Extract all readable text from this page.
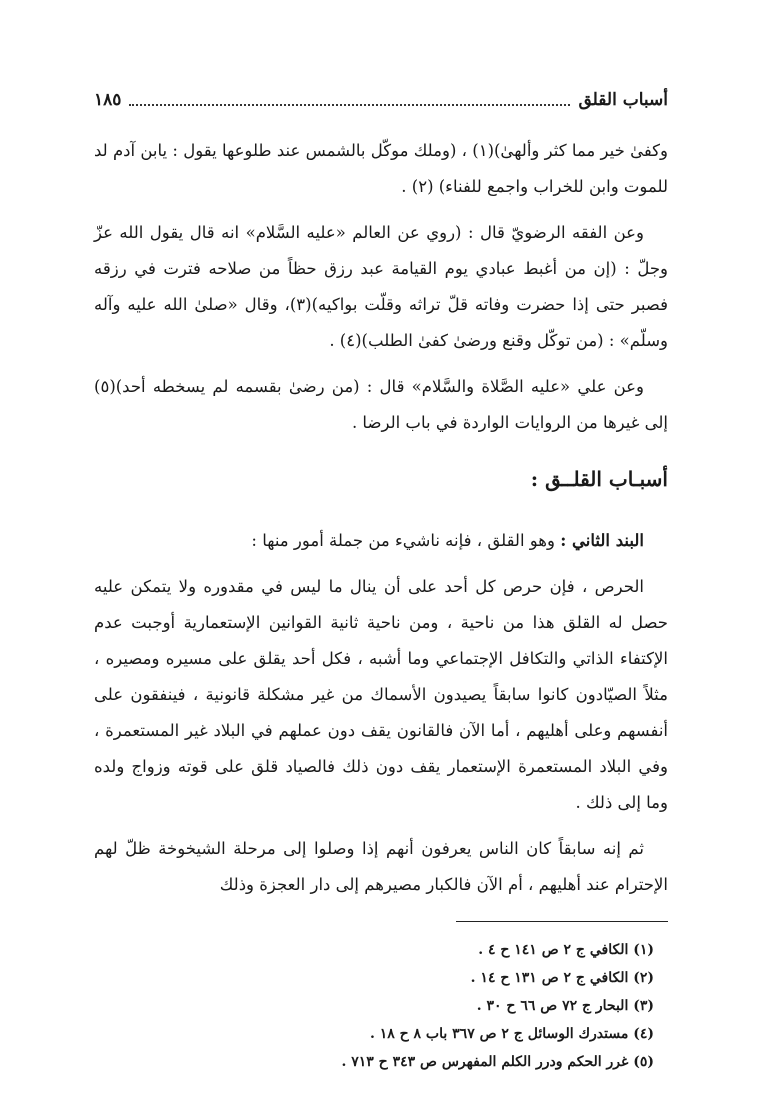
أسباب القلق
١٨٥

وكفىٰ خير مما كثر وألهىٰ)(١) ، (وملك موكّل بالشمس عند طلوعها يقول : يابن آدم لد للموت وابن للخراب واجمع للفناء) (٢) .

وعن الفقه الرضويّ قال : (روي عن العالم «عليه السَّلام» انه قال يقول الله عزّ وجلّ : (إن من أغبط عبادي يوم القيامة عبد رزق حظاً من صلاحه فترت في رزقه فصبر حتى إذا حضرت وفاته قلّ تراثه وقلّت بواكيه)(٣)، وقال «صلىٰ الله عليه وآله وسلّم» : (من توكّل وقنع ورضىٰ كفىٰ الطلب)(٤) .

وعن علي «عليه الصَّلاة والسَّلام» قال : (من رضىٰ بقسمه لم يسخطه أحد)(٥) إلى غيرها من الروايات الواردة في باب الرضا .

أسبـاب القلــق :

البند الثاني : وهو القلق ، فإنه ناشيء من جملة أمور منها :

الحرص ، فإن حرص كل أحد على أن ينال ما ليس في مقدوره ولا يتمكن عليه حصل له القلق هذا من ناحية ، ومن ناحية ثانية القوانين الإستعمارية أوجبت عدم الإكتفاء الذاتي والتكافل الإجتماعي وما أشبه ، فكل أحد يقلق على مسيره ومصيره ، مثلاً الصيّادون كانوا سابقاً يصيدون الأسماك من غير مشكلة قانونية ، فينفقون على أنفسهم وعلى أهليهم ، أما الآن فالقانون يقف دون عملهم في البلاد غير المستعمرة ، وفي البلاد المستعمرة الإستعمار يقف دون ذلك فالصياد قلق على قوته وزواج ولده وما إلى ذلك .

ثم إنه سابقاً كان الناس يعرفون أنهم إذا وصلوا إلى مرحلة الشيخوخة ظلّ لهم الإحترام عند أهليهم ، أم الآن فالكبار مصيرهم إلى دار العجزة وذلك

(١) الكافي ج ٢ ص ١٤١ ح ٤ .
(٢) الكافي ج ٢ ص ١٣١ ح ١٤ .
(٣) البحار ج ٧٢ ص ٦٦ ح ٣٠ .
(٤) مستدرك الوسائل ج ٢ ص ٣٦٧ باب ٨ ح ١٨ .
(٥) غرر الحكم ودرر الكلم المفهرس ص ٣٤٣ ح ٧١٣ .
